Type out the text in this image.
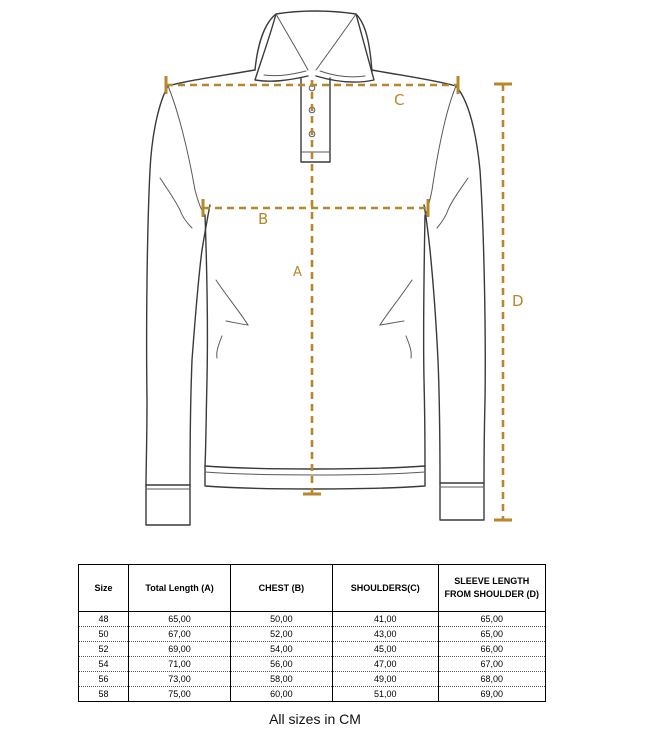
C
B
A
D
Size	Total Length (A)	CHEST (B)	SHOULDERS(C)	SLEEVE LENGTH FROM SHOULDER (D)
48	65,00	50,00	41,00	65,00
50	67,00	52,00	43,00	65,00
52	69,00	54,00	45,00	66,00
54	71,00	56,00	47,00	67,00
56	73,00	58,00	49,00	68,00
58	75,00	60,00	51,00	69,00
All sizes in CM
